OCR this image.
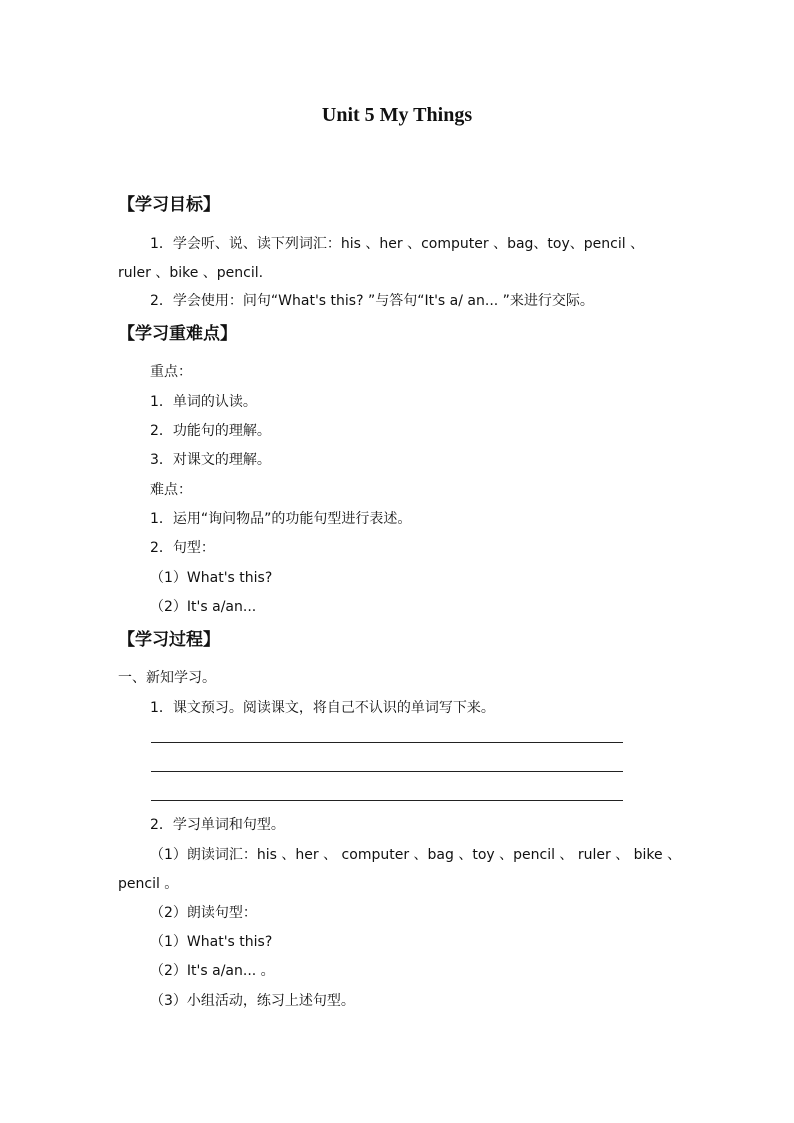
Unit 5 My Things
【学习目标】
1．学会听、说、读下列词汇：his 、her 、computer 、bag、toy、pencil 、
ruler 、bike 、pencil.
2．学会使用：问句“What's this? ”与答句“It's a/ an... ”来进行交际。
【学习重难点】
重点：
1．单词的认读。
2．功能句的理解。
3．对课文的理解。
难点：
1．运用“询问物品”的功能句型进行表述。
2．句型：
（1）What's this?
（2）It's a/an...
【学习过程】
一、新知学习。
1．课文预习。阅读课文，将自己不认识的单词写下来。
2．学习单词和句型。
（1）朗读词汇：his 、her 、 computer 、bag 、toy 、pencil 、 ruler 、 bike 、
pencil 。
（2）朗读句型：
（1）What's this?
（2）It's a/an... 。
（3）小组活动，练习上述句型。
